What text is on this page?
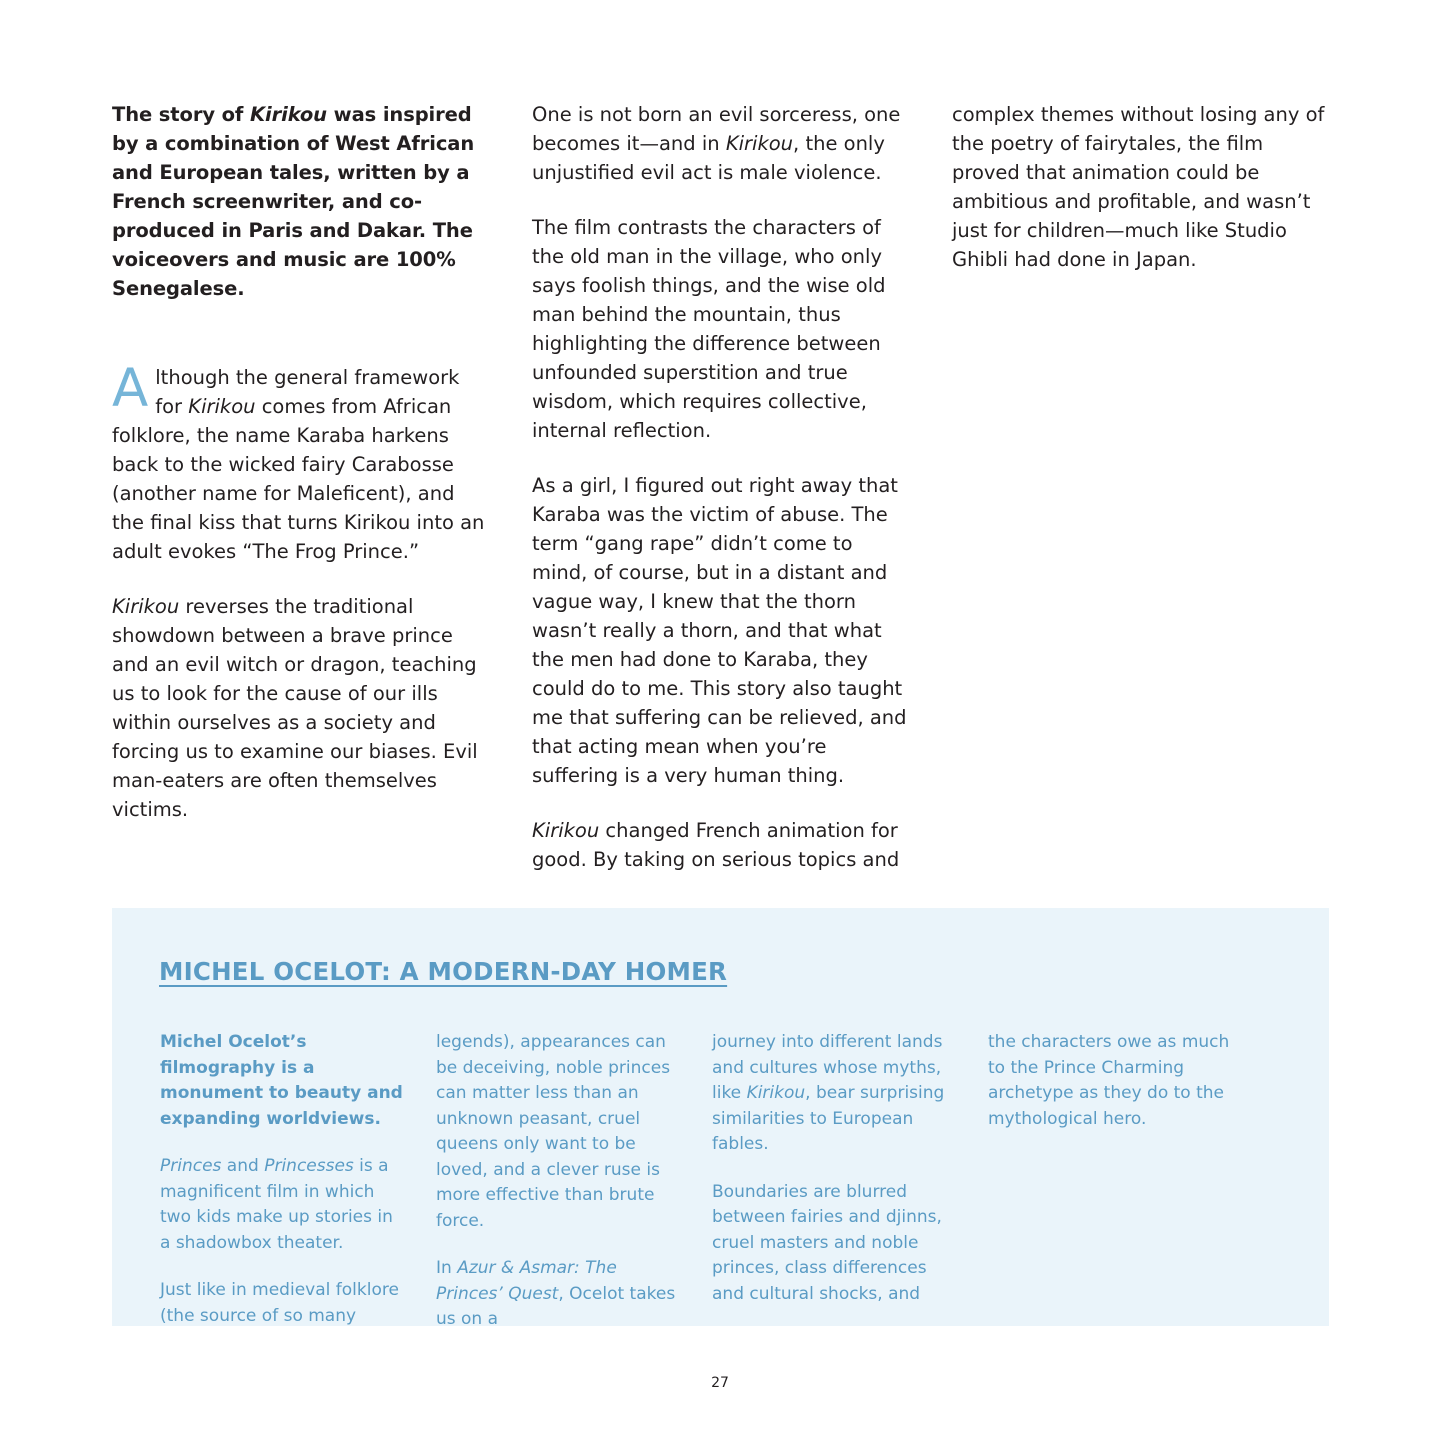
The story of Kirikou was inspired by a combination of West African and European tales, written by a French screenwriter, and co-produced in Paris and Dakar. The voiceovers and music are 100% Senegalese.

Although the general framework for Kirikou comes from African folklore, the name Karaba harkens back to the wicked fairy Carabosse (another name for Maleficent), and the final kiss that turns Kirikou into an adult evokes “The Frog Prince.”

Kirikou reverses the traditional showdown between a brave prince and an evil witch or dragon, teaching us to look for the cause of our ills within ourselves as a society and forcing us to examine our biases. Evil man-eaters are often themselves victims.

One is not born an evil sorceress, one becomes it—and in Kirikou, the only unjustified evil act is male violence.

The film contrasts the characters of the old man in the village, who only says foolish things, and the wise old man behind the mountain, thus highlighting the difference between unfounded superstition and true wisdom, which requires collective, internal reflection.

As a girl, I figured out right away that Karaba was the victim of abuse. The term “gang rape” didn’t come to mind, of course, but in a distant and vague way, I knew that the thorn wasn’t really a thorn, and that what the men had done to Karaba, they could do to me. This story also taught me that suffering can be relieved, and that acting mean when you’re suffering is a very human thing.

Kirikou changed French animation for good. By taking on serious topics and

complex themes without losing any of the poetry of fairytales, the film proved that animation could be ambitious and profitable, and wasn’t just for children—much like Studio Ghibli had done in Japan.

MICHEL OCELOT: A MODERN-DAY HOMER

Michel Ocelot’s filmography is a monument to beauty and expanding worldviews.

Princes and Princesses is a magnificent film in which two kids make up stories in a shadowbox theater.

Just like in medieval folklore (the source of so many

legends), appearances can be deceiving, noble princes can matter less than an unknown peasant, cruel queens only want to be loved, and a clever ruse is more effective than brute force.

In Azur & Asmar: The Princes’ Quest, Ocelot takes us on a

journey into different lands and cultures whose myths, like Kirikou, bear surprising similarities to European fables.

Boundaries are blurred between fairies and djinns, cruel masters and noble princes, class differences and cultural shocks, and

the characters owe as much to the Prince Charming archetype as they do to the mythological hero.

27
